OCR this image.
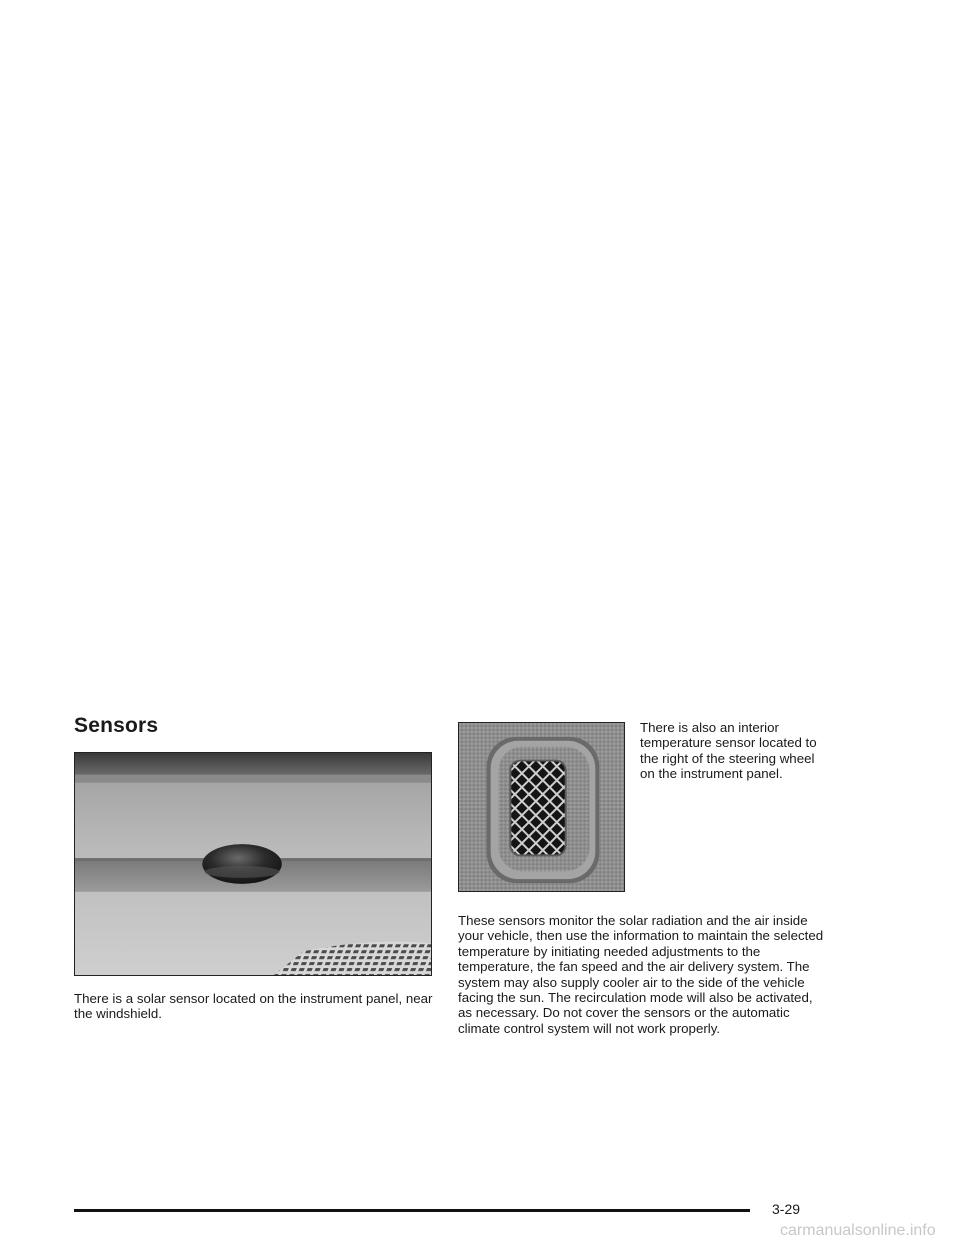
Sensors

There is a solar sensor located on the instrument panel, near the windshield.

There is also an interior temperature sensor located to the right of the steering wheel on the instrument panel.

These sensors monitor the solar radiation and the air inside your vehicle, then use the information to maintain the selected temperature by initiating needed adjustments to the temperature, the fan speed and the air delivery system. The system may also supply cooler air to the side of the vehicle facing the sun. The recirculation mode will also be activated, as necessary. Do not cover the sensors or the automatic climate control system will not work properly.

3-29
carmanualsonline.info
